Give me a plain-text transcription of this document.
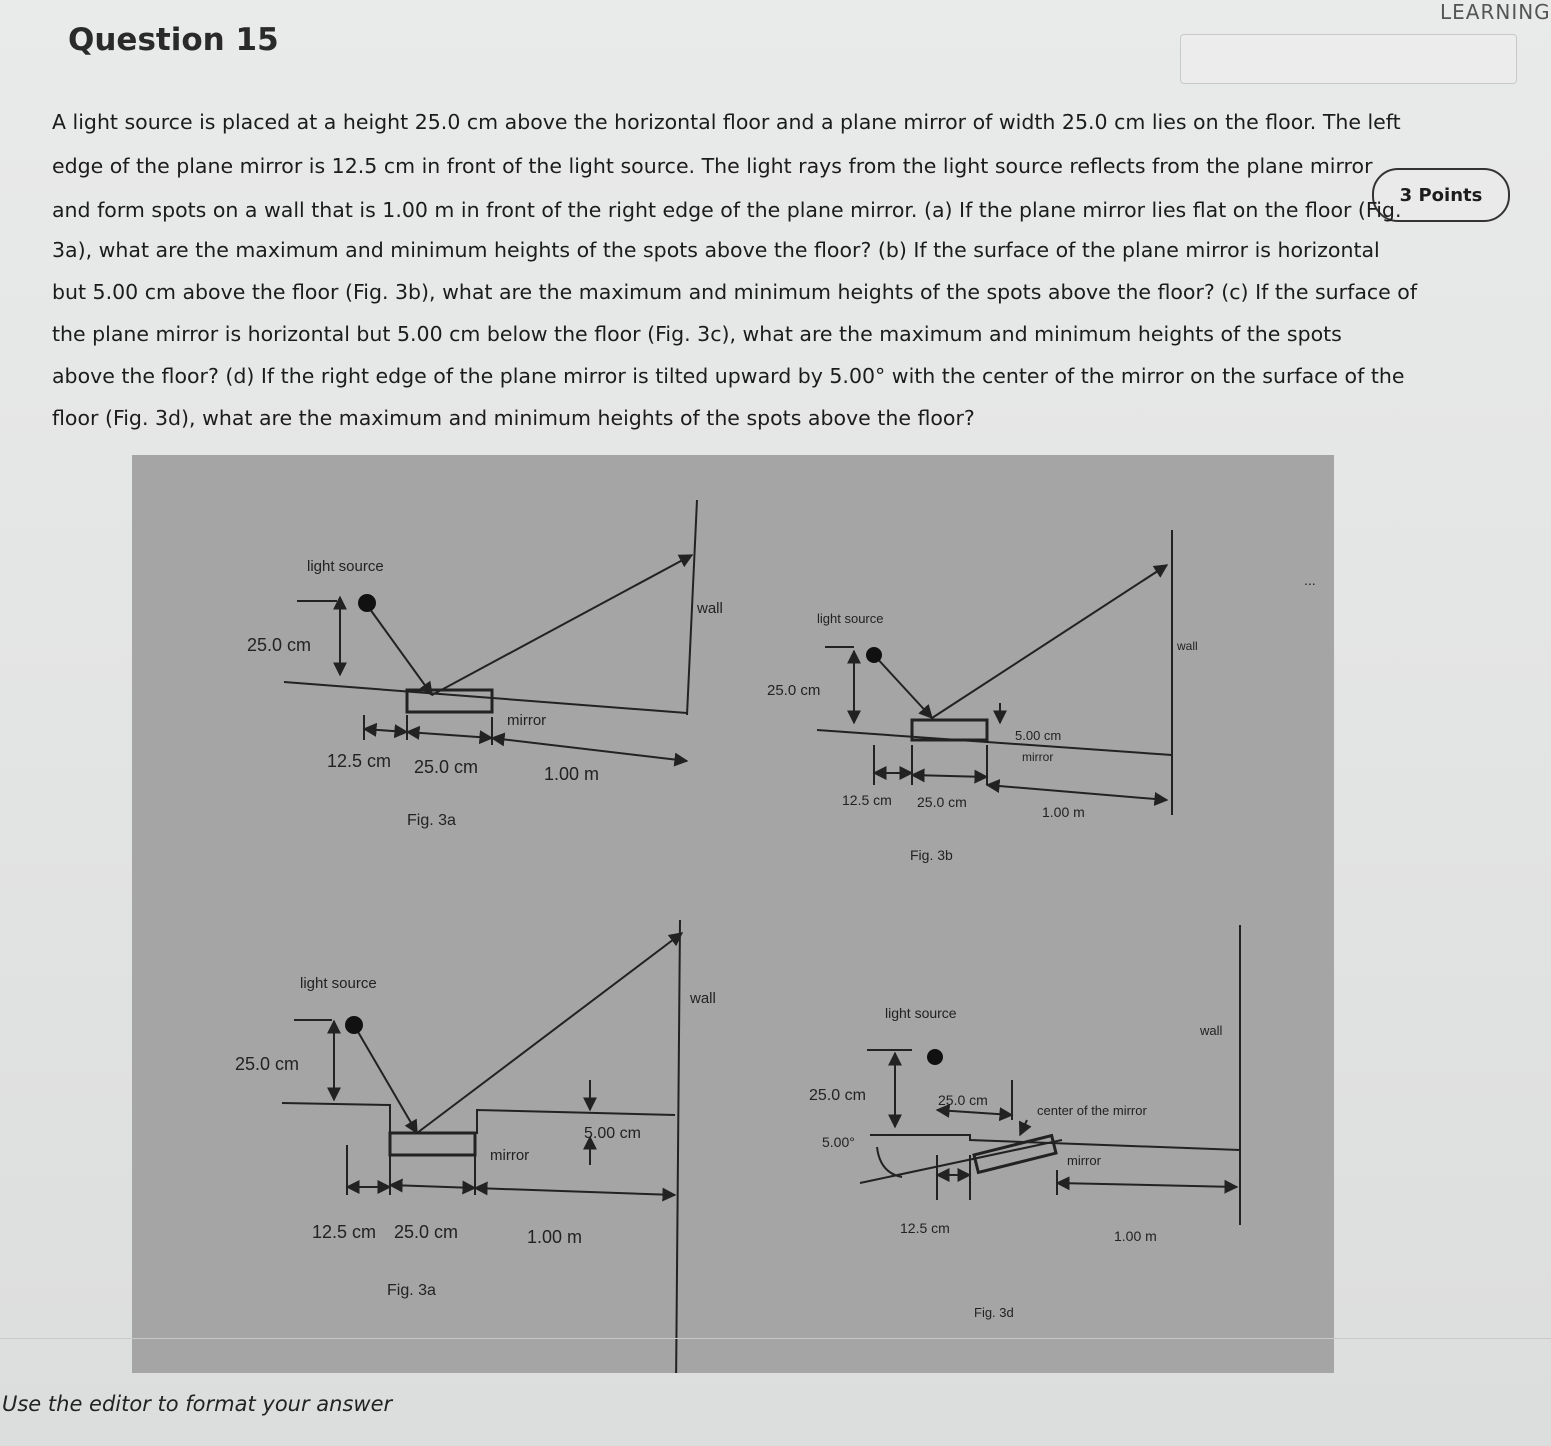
Question 15
LEARNING
3 Points
A light source is placed at a height 25.0 cm above the horizontal floor and a plane mirror of width 25.0 cm lies on the floor. The left
edge of the plane mirror is 12.5 cm in front of the light source. The light rays from the light source reflects from the plane mirror
and form spots on a wall that is 1.00 m in front of the right edge of the plane mirror. (a) If the plane mirror lies flat on the floor (Fig.
3a), what are the maximum and minimum heights of the spots above the floor? (b) If the surface of the plane mirror is horizontal
but 5.00 cm above the floor (Fig. 3b), what are the maximum and minimum heights of the spots above the floor? (c) If the surface of
the plane mirror is horizontal but 5.00 cm below the floor (Fig. 3c), what are the maximum and minimum heights of the spots
above the floor? (d) If the right edge of the plane mirror is tilted upward by 5.00° with the center of the mirror on the surface of the
floor (Fig. 3d), what are the maximum and minimum heights of the spots above the floor?
light source
25.0 cm
mirror
wall
12.5 cm 25.0 cm	1.00 m
Fig. 3a
light source
25.0 cm
5.00 cm
mirror
wall
12.5 cm 25.0 cm
1.00 m
Fig. 3b
light source
25.0 cm
5.00 cm
mirror
wall
12.5 cm 25.0 cm	1.00 m
Fig. 3a
light source
25.0 cm
5.00°
25.0 cm
center of the mirror
mirror
wall
12.5 cm	1.00 m
Fig. 3d
...
Use the editor to format your answer
